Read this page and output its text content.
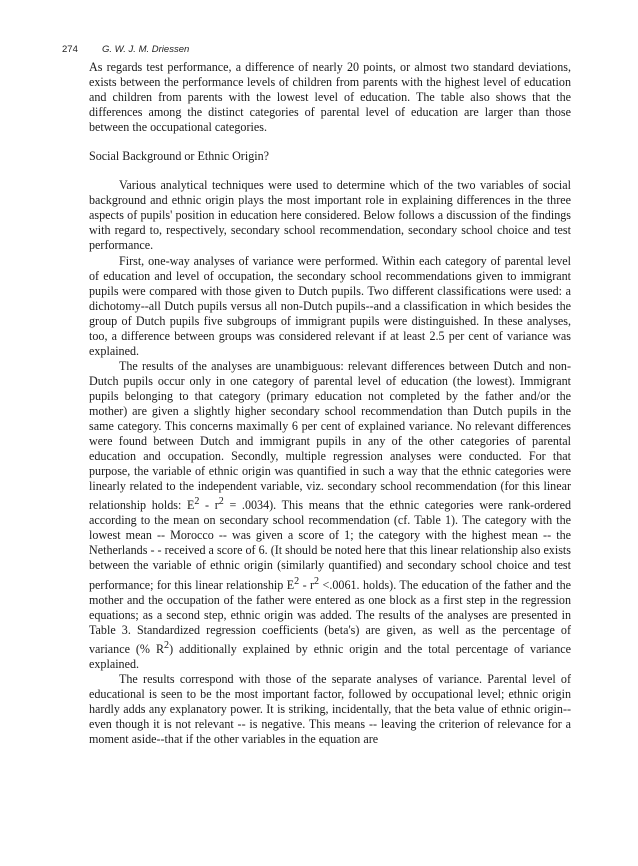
274	G. W. J. M. Driessen

As regards test performance, a difference of nearly 20 points, or almost two standard deviations, exists between the performance levels of children from parents with the highest level of education and children from parents with the lowest level of education. The table also shows that the differences among the distinct categories of parental level of education are larger than those between the occupational categories.

Social Background or Ethnic Origin?

Various analytical techniques were used to determine which of the two variables of social background and ethnic origin plays the most important role in explaining differences in the three aspects of pupils' position in education here considered. Below follows a discussion of the findings with regard to, respectively, secondary school recommendation, secondary school choice and test performance.

First, one-way analyses of variance were performed. Within each category of parental level of education and level of occupation, the secondary school recommendations given to immigrant pupils were compared with those given to Dutch pupils. Two different classifications were used: a dichotomy--all Dutch pupils versus all non-Dutch pupils--and a classification in which besides the group of Dutch pupils five subgroups of immigrant pupils were distinguished. In these analyses, too, a difference between groups was considered relevant if at least 2.5 per cent of variance was explained.

The results of the analyses are unambiguous: relevant differences between Dutch and non-Dutch pupils occur only in one category of parental level of education (the lowest). Immigrant pupils belonging to that category (primary education not completed by the father and/or the mother) are given a slightly higher secondary school recommendation than Dutch pupils in the same category. This concerns maximally 6 per cent of explained variance. No relevant differences were found between Dutch and immigrant pupils in any of the other categories of parental education and occupation. Secondly, multiple regression analyses were conducted. For that purpose, the variable of ethnic origin was quantified in such a way that the ethnic categories were linearly related to the independent variable, viz. secondary school recommendation (for this linear relationship holds: $E^2 - r^2 = .0034$). This means that the ethnic categories were rank-ordered according to the mean on secondary school recommendation (cf. Table 1). The category with the lowest mean -- Morocco -- was given a score of 1; the category with the highest mean -- the Netherlands - - received a score of 6. (It should be noted here that this linear relationship also exists between the variable of ethnic origin (similarly quantified) and secondary school choice and test performance; for this linear relationship $E^2 - r^2 <.0061$. holds). The education of the father and the mother and the occupation of the father were entered as one block as a first step in the regression equations; as a second step, ethnic origin was added. The results of the analyses are presented in Table 3. Standardized regression coefficients (beta's) are given, as well as the percentage of variance (% $R^2$) additionally explained by ethnic origin and the total percentage of variance explained.

The results correspond with those of the separate analyses of variance. Parental level of educational is seen to be the most important factor, followed by occupational level; ethnic origin hardly adds any explanatory power. It is striking, incidentally, that the beta value of ethnic origin--even though it is not relevant -- is negative. This means -- leaving the criterion of relevance for a moment aside--that if the other variables in the equation are
